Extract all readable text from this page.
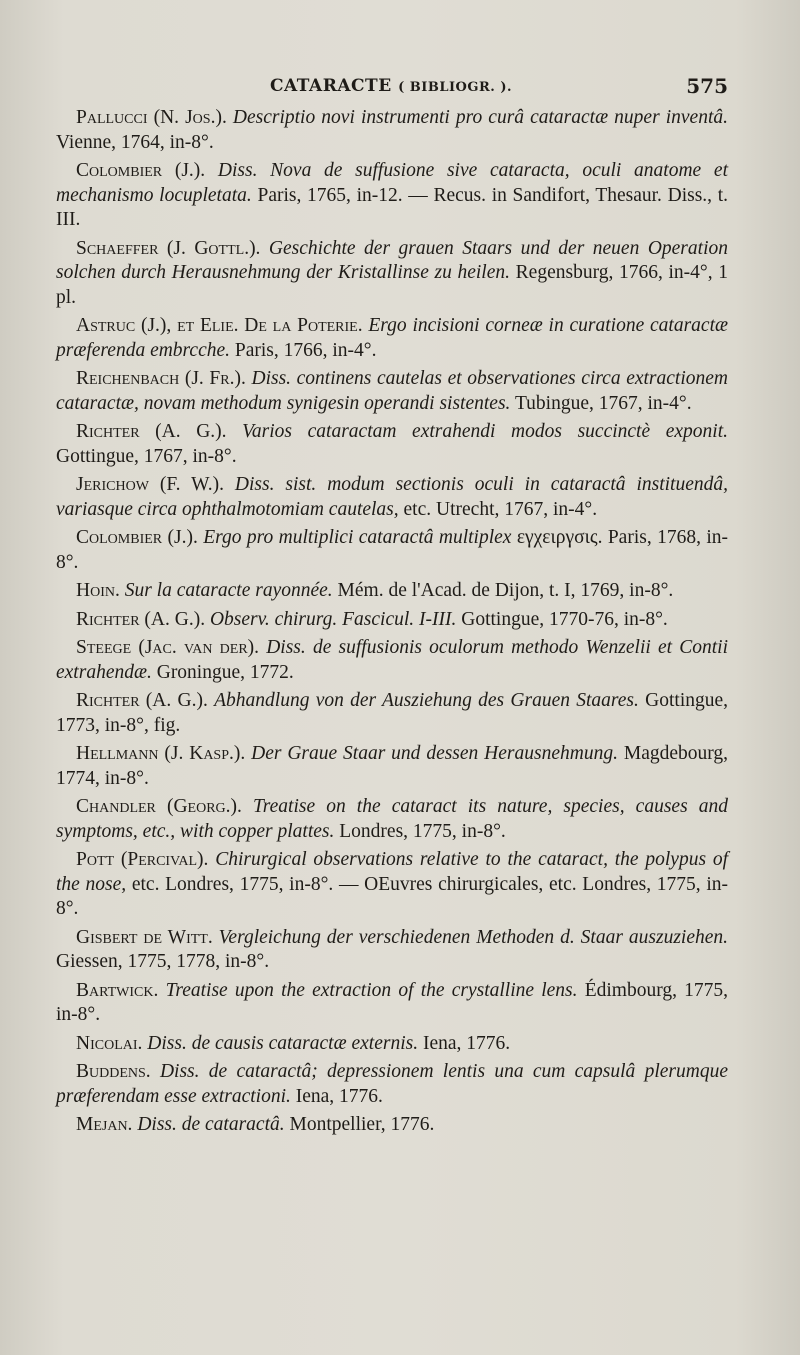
CATARACTE ( BIBLIOGR. ).	575

Pallucci (N. Jos.). Descriptio novi instrumenti pro curâ cataractæ nuper inventâ. Vienne, 1764, in-8°.

Colombier (J.). Diss. Nova de suffusione sive cataracta, oculi anatome et mechanismo locupletata. Paris, 1765, in-12. — Recus. in Sandifort, Thesaur. Diss., t. III.

Schaeffer (J. Gottl.). Geschichte der grauen Staars und der neuen Operation solchen durch Herausnehmung der Kristallinse zu heilen. Regensburg, 1766, in-4°, 1 pl.

Astruc (J.), et Elie. De la Poterie. Ergo incisioni corneæ in curatione cataractæ præferenda embrcche. Paris, 1766, in-4°.

Reichenbach (J. Fr.). Diss. continens cautelas et observationes circa extractionem cataractæ, novam methodum synigesin operandi sistentes. Tubingue, 1767, in-4°.

Richter (A. G.). Varios cataractam extrahendi modos succinctè exponit. Gottingue, 1767, in-8°.

Jerichow (F. W.). Diss. sist. modum sectionis oculi in cataractâ instituendâ, variasque circa ophthalmotomiam cautelas, etc. Utrecht, 1767, in-4°.

Colombier (J.). Ergo pro multiplici cataractâ multiplex εγχειργσις. Paris, 1768, in-8°.

Hoin. Sur la cataracte rayonnée. Mém. de l'Acad. de Dijon, t. I, 1769, in-8°.

Richter (A. G.). Observ. chirurg. Fascicul. I-III. Gottingue, 1770-76, in-8°.

Steege (Jac. van der). Diss. de suffusionis oculorum methodo Wenzelii et Contii extrahendæ. Groningue, 1772.

Richter (A. G.). Abhandlung von der Ausziehung des Grauen Staares. Gottingue, 1773, in-8°, fig.

Hellmann (J. Kasp.). Der Graue Staar und dessen Herausnehmung. Magdebourg, 1774, in-8°.

Chandler (Georg.). Treatise on the cataract its nature, species, causes and symptoms, etc., with copper plattes. Londres, 1775, in-8°.

Pott (Percival). Chirurgical observations relative to the cataract, the polypus of the nose, etc. Londres, 1775, in-8°. — OEuvres chirurgicales, etc. Londres, 1775, in-8°.

Gisbert de Witt. Vergleichung der verschiedenen Methoden d. Staar auszuziehen. Giessen, 1775, 1778, in-8°.

Bartwick. Treatise upon the extraction of the crystalline lens. Édimbourg, 1775, in-8°.

Nicolai. Diss. de causis cataractæ externis. Iena, 1776.

Buddens. Diss. de cataractâ; depressionem lentis una cum capsulâ plerumque præferendam esse extractioni. Iena, 1776.

Mejan. Diss. de cataractâ. Montpellier, 1776.
